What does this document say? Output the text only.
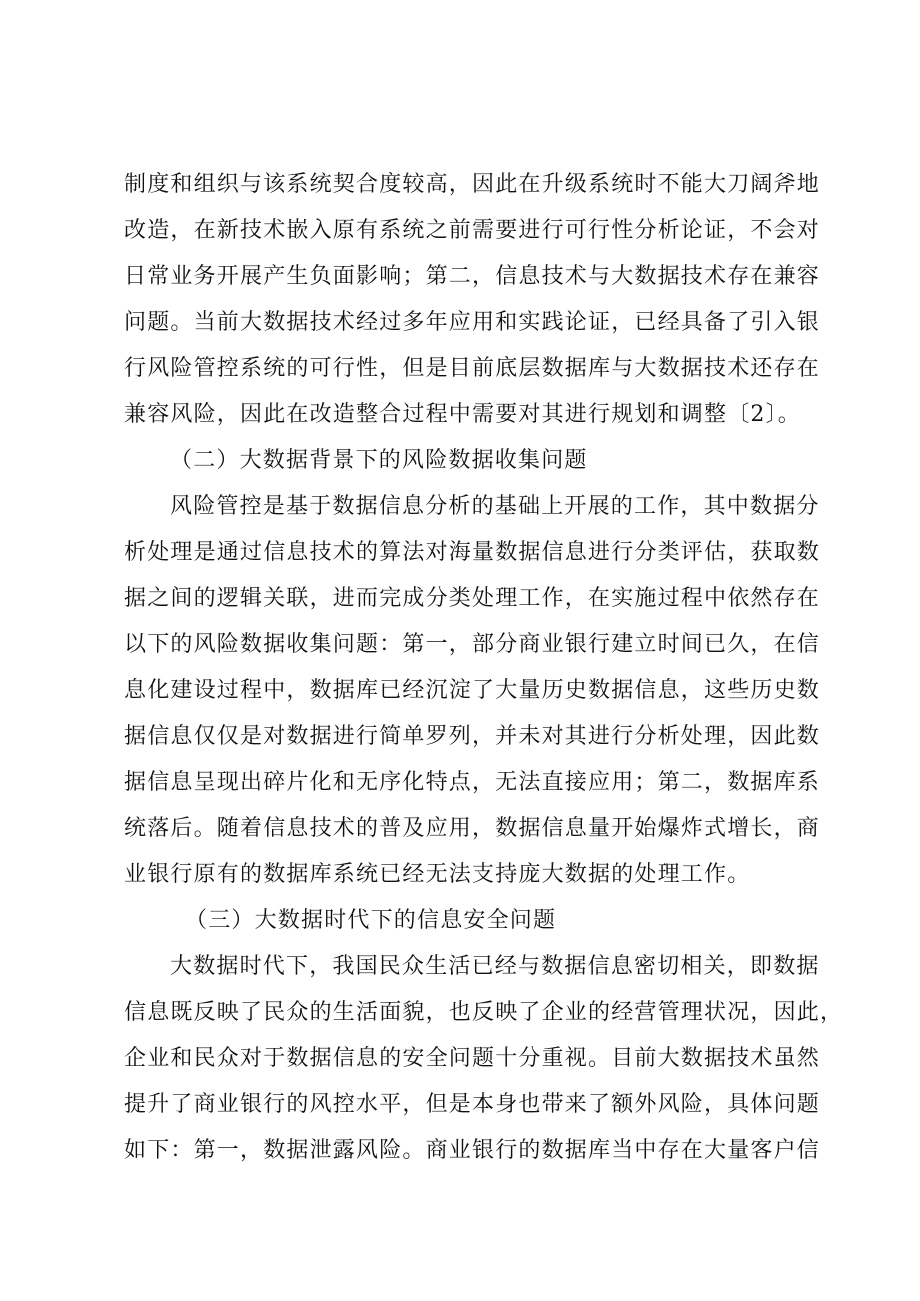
制度和组织与该系统契合度较高，因此在升级系统时不能大刀阔斧地
改造，在新技术嵌入原有系统之前需要进行可行性分析论证，不会对
日常业务开展产生负面影响；第二，信息技术与大数据技术存在兼容
问题。当前大数据技术经过多年应用和实践论证，已经具备了引入银
行风险管控系统的可行性，但是目前底层数据库与大数据技术还存在
兼容风险，因此在改造整合过程中需要对其进行规划和调整〔2〕。
（二）大数据背景下的风险数据收集问题
风险管控是基于数据信息分析的基础上开展的工作，其中数据分
析处理是通过信息技术的算法对海量数据信息进行分类评估，获取数
据之间的逻辑关联，进而完成分类处理工作，在实施过程中依然存在
以下的风险数据收集问题：第一，部分商业银行建立时间已久，在信
息化建设过程中，数据库已经沉淀了大量历史数据信息，这些历史数
据信息仅仅是对数据进行简单罗列，并未对其进行分析处理，因此数
据信息呈现出碎片化和无序化特点，无法直接应用；第二，数据库系
统落后。随着信息技术的普及应用，数据信息量开始爆炸式增长，商
业银行原有的数据库系统已经无法支持庞大数据的处理工作。
（三）大数据时代下的信息安全问题
大数据时代下，我国民众生活已经与数据信息密切相关，即数据
信息既反映了民众的生活面貌，也反映了企业的经营管理状况，因此，
企业和民众对于数据信息的安全问题十分重视。目前大数据技术虽然
提升了商业银行的风控水平，但是本身也带来了额外风险，具体问题
如下：第一，数据泄露风险。商业银行的数据库当中存在大量客户信
